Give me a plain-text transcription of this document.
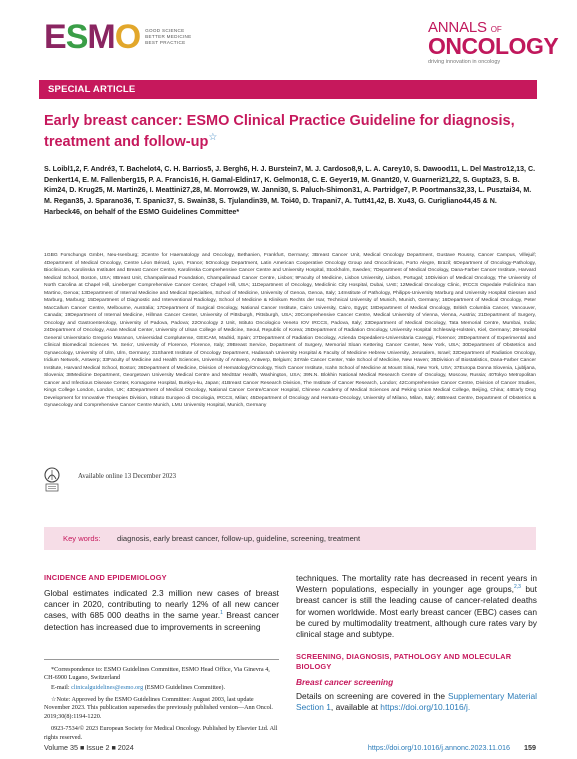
ESMO GOOD SCIENCE
BETTER MEDICINE
BEST PRACTICE
ANNALS OF
ONCOLOGY
driving innovation in oncology
SPECIAL ARTICLE
Early breast cancer: ESMO Clinical Practice Guideline for diagnosis, treatment and follow-up☆
S. Loibl1,2, F. André3, T. Bachelot4, C. H. Barrios5, J. Bergh6, H. J. Burstein7, M. J. Cardoso8,9, L. A. Carey10, S. Dawood11, L. Del Mastro12,13, C. Denkert14, E. M. Fallenberg15, P. A. Francis16, H. Gamal-Eldin17, K. Gelmon18, C. E. Geyer19, M. Gnant20, V. Guarneri21,22, S. Gupta23, S. B. Kim24, D. Krug25, M. Martin26, I. Meattini27,28, M. Morrow29, W. Janni30, S. Paluch-Shimon31, A. Partridge7, P. Poortmans32,33, L. Pusztai34, M. M. Regan35, J. Sparano36, T. Spanic37, S. Swain38, S. Tjulandin39, M. Toi40, D. Trapani7, A. Tutt41,42, B. Xu43, G. Curigliano44,45 & N. Harbeck46, on behalf of the ESMO Guidelines Committee*
1GBG Forschungs GmbH, Neu-Isenburg; 2Centre for Haematology and Oncology, Bethanien, Frankfurt, Germany; 3Breast Cancer Unit, Medical Oncology Department, Gustave Roussy, Cancer Campus, Villejuif; 4Department of Medical Oncology, Centre Léon Bérard, Lyon, France; 5Oncology Department, Latin American Cooperative Oncology Group and Oncoclínicas, Porto Alegre, Brazil; 6Department of Oncology-Pathology, Bioclinicum, Karolinska Institutet and Breast Cancer Centre, Karolinska Comprehensive Cancer Centre and University Hospital, Stockholm, Sweden; 7Department of Medical Oncology, Dana-Farber Cancer Institute, Harvard Medical School, Boston, USA; 8Breast Unit, Champalimaud Foundation, Champalimaud Cancer Centre, Lisbon; 9Faculty of Medicine, Lisbon University, Lisbon, Portugal; 10Division of Medical Oncology, The University of North Carolina at Chapel Hill, Lineberger Comprehensive Cancer Center, Chapel Hill, USA; 11Department of Oncology, Mediclinic City Hospital, Dubai, UAE; 12Medical Oncology Clinic, IRCCS Ospedale Policlinico San Martino, Genoa; 13Department of Internal Medicine and Medical Specialties, School of Medicine, University of Genoa, Genoa, Italy; 14Institute of Pathology, Philipps-University Marburg and University Hospital Giessen and Marburg, Marburg; 15Department of Diagnostic and Interventional Radiology, School of Medicine & Klinikum Rechts der Isar, Technical University of Munich, Munich, Germany; 16Department of Medical Oncology, Peter MacCallum Cancer Centre, Melbourne, Australia; 17Department of Surgical Oncology, National Cancer Institute, Cairo University, Cairo, Egypt; 18Department of Medical Oncology, British Columbia Cancer, Vancouver, Canada; 19Department of Internal Medicine, Hillman Cancer Center, University of Pittsburgh, Pittsburgh, USA; 20Comprehensive Cancer Centre, Medical University of Vienna, Vienna, Austria; 21Department of Surgery, Oncology and Gastroenterology, University of Padova, Padova; 22Oncology 2 Unit, Istituto Oncologico Veneto IOV IRCCS, Padova, Italy; 23Department of Medical Oncology, Tata Memorial Centre, Mumbai, India; 24Department of Oncology, Asan Medical Center, University of Ulsan College of Medicine, Seoul, Republic of Korea; 25Department of Radiation Oncology, University Hospital Schleswig-Holstein, Kiel, Germany; 26Hospital General Universitario Gregorio Maranon, Universidad Complutense, GEICAM, Madrid, Spain; 27Department of Radiation Oncology, Azienda Ospedaliero-Universitaria Careggi, Florence; 28Department of Experimental and Clinical Biomedical Sciences 'M. Serio', University of Florence, Florence, Italy; 29Breast Service, Department of Surgery, Memorial Sloan Kettering Cancer Center, New York, USA; 30Department of Obstetrics and Gynaecology, University of Ulm, Ulm, Germany; 31Sharett Institute of Oncology Department, Hadassah University Hospital & Faculty of Medicine Hebrew University, Jerusalem, Israel; 32Department of Radiation Oncology, Iridium Network, Antwerp; 33Faculty of Medicine and Health Sciences, University of Antwerp, Antwerp, Belgium; 34Yale Cancer Center, Yale School of Medicine, New Haven; 35Division of Biostatistics, Dana-Farber Cancer Institute, Harvard Medical School, Boston; 36Department of Medicine, Division of Hematology/Oncology, Tisch Cancer Institute, Icahn School of Medicine at Mount Sinai, New York, USA; 37Europa Donna Slovenia, Ljubljana, Slovenia; 38Medicine Department, Georgetown University Medical Centre and MedStar Health, Washington, USA; 39N.N. Blokhin National Medical Research Centre of Oncology, Moscow, Russia; 40Tokyo Metropolitan Cancer and Infectious Disease Center, Komagome Hospital, Bunkyo-ku, Japan; 41Breast Cancer Research Division, The Institute of Cancer Research, London; 42Comprehensive Cancer Centre, Division of Cancer Studies, Kings College London, London, UK; 43Department of Medical Oncology, National Cancer Centre/Cancer Hospital, Chinese Academy of Medical Sciences and Peking Union Medical College, Beijing, China; 44Early Drug Development for Innovative Therapies Division, Istituto Europeo di Oncologia, IRCCS, Milan; 45Department of Oncology and Hemato-Oncology, University of Milano, Milan, Italy; 46Breast Centre, Department of Obstetrics & Gynaecology and Comprehensive Cancer Centre Munich, LMU University Hospital, Munich, Germany
Available online 13 December 2023
Key words: diagnosis, early breast cancer, follow-up, guideline, screening, treatment
INCIDENCE AND EPIDEMIOLOGY
Global estimates indicated 2.3 million new cases of breast cancer in 2020, contributing to nearly 12% of all new cancer cases, with 685 000 deaths in the same year.$^1$ Breast cancer detection has increased due to improvements in screening
techniques. The mortality rate has decreased in recent years in Western populations, especially in younger age groups,$^{2,3}$ but breast cancer is still the leading cause of cancer-related deaths for women worldwide. Most early breast cancer (EBC) cases can be cured by multimodality treatment, although cure rates vary by clinical stage and subtype.
SCREENING, DIAGNOSIS, PATHOLOGY AND MOLECULAR BIOLOGY
Breast cancer screening
Details on screening are covered in the Supplementary Material Section 1, available at https://doi.org/10.1016/j.

*Correspondence to: ESMO Guidelines Committee, ESMO Head Office, Via Ginevra 4, CH-6900 Lugano, Switzerland

E-mail: clinicalguidelines@esmo.org (ESMO Guidelines Committee).

☆Note: Approved by the ESMO Guidelines Committee: August 2003, last update November 2023. This publication supersedes the previously published version—Ann Oncol. 2019;30(8):1194-1220.

0923-7534/© 2023 European Society for Medical Oncology. Published by Elsevier Ltd. All rights reserved.

Volume 35 ■ Issue 2 ■ 2024	https://doi.org/10.1016/j.annonc.2023.11.016 159
